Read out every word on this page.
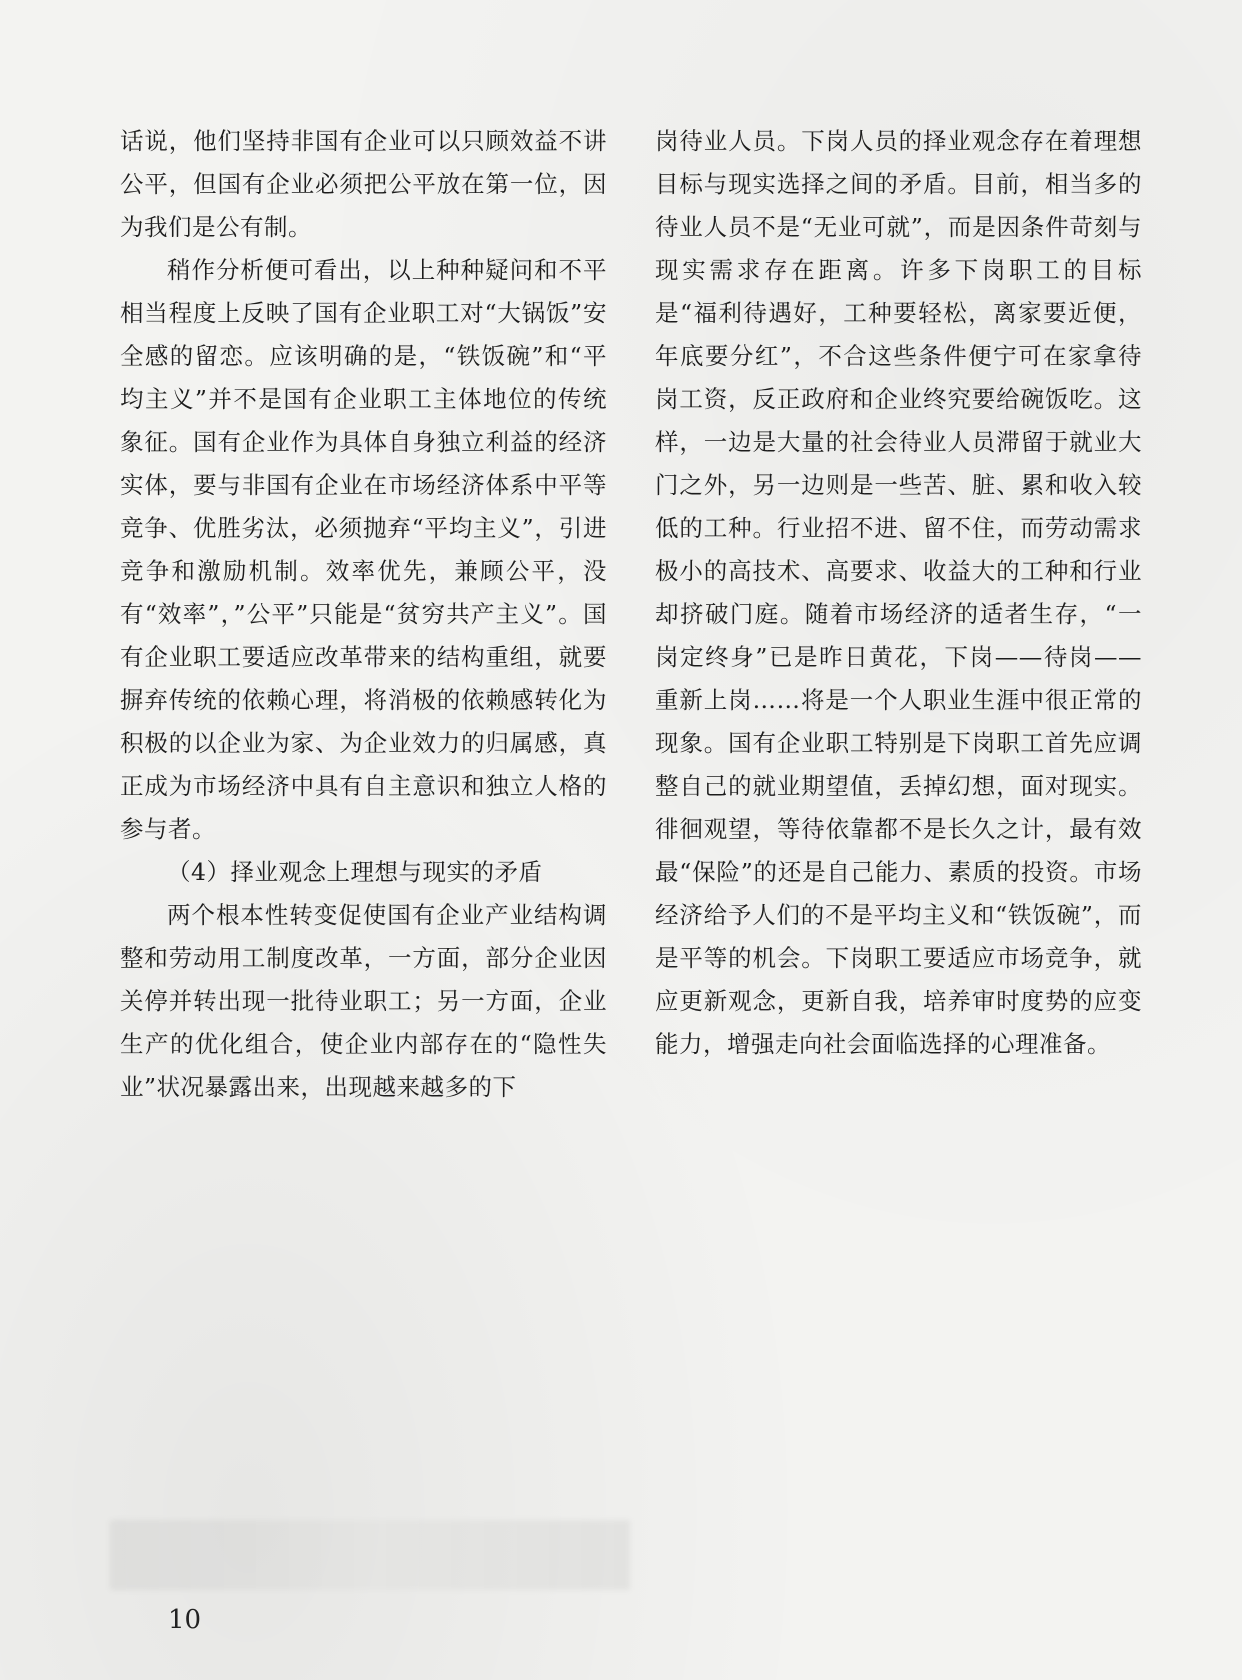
话说，他们坚持非国有企业可以只顾效益不讲公平，但国有企业必须把公平放在第一位，因为我们是公有制。

稍作分析便可看出，以上种种疑问和不平相当程度上反映了国有企业职工对“大锅饭”安全感的留恋。应该明确的是，“铁饭碗”和“平均主义”并不是国有企业职工主体地位的传统象征。国有企业作为具体自身独立利益的经济实体，要与非国有企业在市场经济体系中平等竞争、优胜劣汰，必须抛弃“平均主义”，引进竞争和激励机制。效率优先，兼顾公平，没有“效率”，”公平”只能是“贫穷共产主义”。国有企业职工要适应改革带来的结构重组，就要摒弃传统的依赖心理，将消极的依赖感转化为积极的以企业为家、为企业效力的归属感，真正成为市场经济中具有自主意识和独立人格的参与者。

（4）择业观念上理想与现实的矛盾

两个根本性转变促使国有企业产业结构调整和劳动用工制度改革，一方面，部分企业因关停并转出现一批待业职工；另一方面，企业生产的优化组合，使企业内部存在的“隐性失业”状况暴露出来，出现越来越多的下

岗待业人员。下岗人员的择业观念存在着理想目标与现实选择之间的矛盾。目前，相当多的待业人员不是“无业可就”，而是因条件苛刻与现实需求存在距离。许多下岗职工的目标是“福利待遇好，工种要轻松，离家要近便，年底要分红”，不合这些条件便宁可在家拿待岗工资，反正政府和企业终究要给碗饭吃。这样，一边是大量的社会待业人员滞留于就业大门之外，另一边则是一些苦、脏、累和收入较低的工种。行业招不进、留不住，而劳动需求极小的高技术、高要求、收益大的工种和行业却挤破门庭。随着市场经济的适者生存，“一岗定终身”已是昨日黄花，下岗——待岗——重新上岗……将是一个人职业生涯中很正常的现象。国有企业职工特别是下岗职工首先应调整自己的就业期望值，丢掉幻想，面对现实。徘徊观望，等待依靠都不是长久之计，最有效最“保险”的还是自己能力、素质的投资。市场经济给予人们的不是平均主义和“铁饭碗”，而是平等的机会。下岗职工要适应市场竞争，就应更新观念，更新自我，培养审时度势的应变能力，增强走向社会面临选择的心理准备。

10
